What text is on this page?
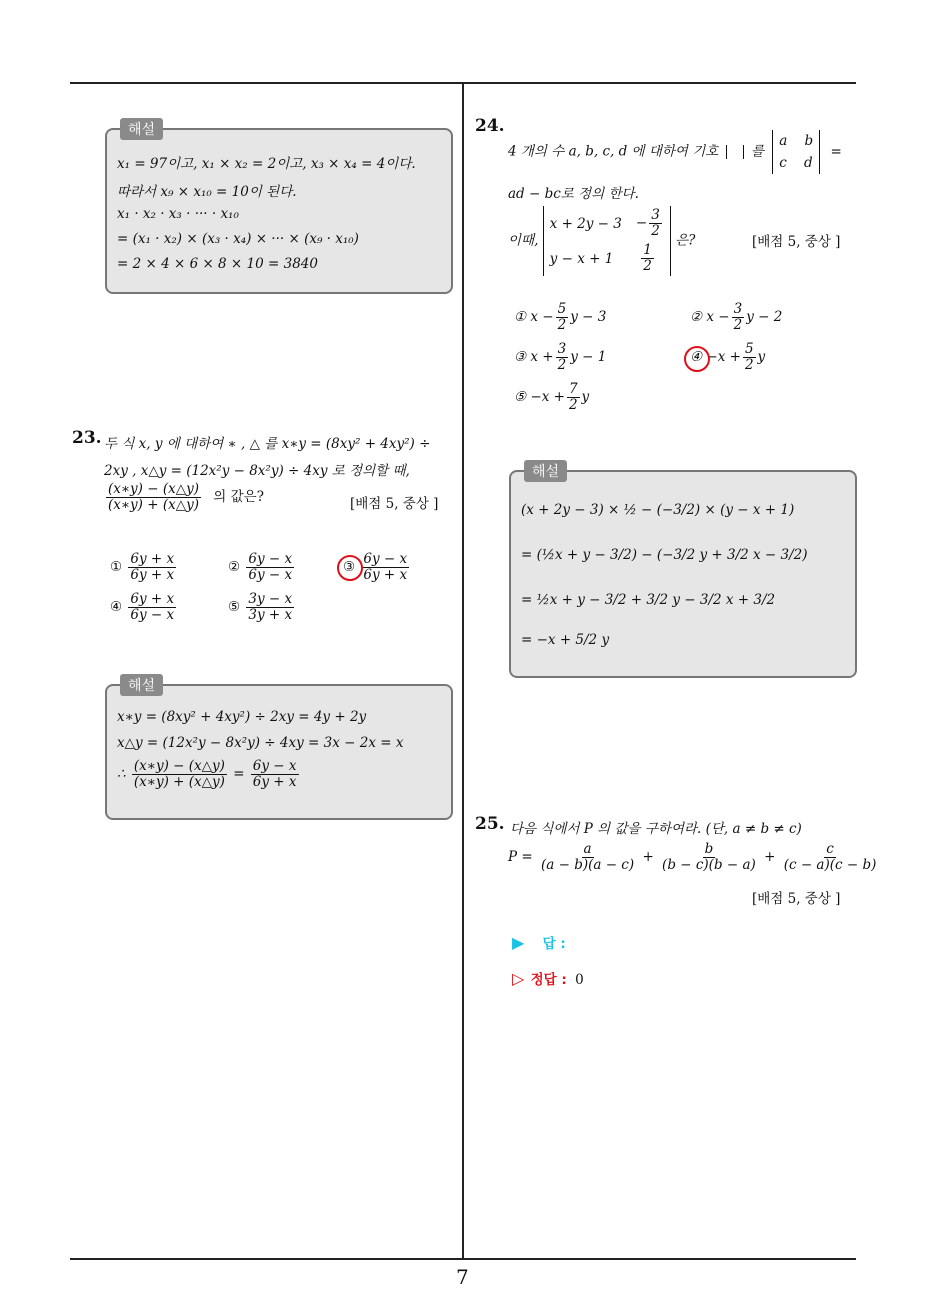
해설
x₁ = 97이고, x₁ × x₂ = 2이고, x₃ × x₄ = 4이다.
따라서 x₉ × x₁₀ = 10이 된다.
x₁ · x₂ · x₃ · ··· · x₁₀
= (x₁ · x₂) × (x₃ · x₄) × ··· × (x₉ · x₁₀)
= 2 × 4 × 6 × 8 × 10 = 3840
23. 두 식 x, y 에 대하여 ∗ , △ 를 x∗y = (8xy² + 4xy²) ÷
2xy , x△y = (12x²y − 8x²y) ÷ 4xy 로 정의할 때,
$\frac{(x∗y) - (x\triangle y)}{(x∗y) + (x\triangle y)}$ 의 값은?	[배점 5, 중상 ]
① $\frac{6y + x}{6y + x}$	② $\frac{6y - x}{6y - x}$	③ $\frac{6y - x}{6y + x}$
④ $\frac{6y + x}{6y - x}$	⑤ $\frac{3y - x}{3y + x}$
해설
x∗y = (8xy² + 4xy²) ÷ 2xy = 4y + 2y
x△y = (12x²y − 8x²y) ÷ 4xy = 3x − 2x = x
∴ $\frac{(x∗y) - (x\triangle y)}{(x∗y) + (x\triangle y)} = \frac{6y - x}{6y + x}$
24.
4 개의 수 a, b, c, d 에 대하여 기호 를 a b
c d =
ad − bc로 정의 한다.
이때,
$x + 2y - 3 - \frac{3}{2}$
$y - x + 1 \frac{1}{2}$
은?	[배점 5, 중상 ]
① $x - \frac{5}{2}$ y − 3	② $x - \frac{3}{2}$ y − 2
③ $x + \frac{3}{2}$ y − 1	④ $-x + \frac{5}{2}$ y
⑤ $-x + \frac{7}{2}$ y
해설
(x + 2y − 3) × ½ − (−3/2) × (y − x + 1)
= (½x + y − 3/2) − (−3/2 y + 3/2 x − 3/2)
= ½x + y − 3/2 + 3/2 y − 3/2 x + 3/2
= −x + 5/2 y
25. 다음 식에서 P 의 값을 구하여라. (단, a ≠ b ≠ c)
$P = \frac{a}{(a - b)(a - c)} + \frac{b}{(b - c)(b - a)} + \frac{c}{(c - a)(c - b)}$
[배점 5, 중상 ]
▶ 답 :
▷ 정답 : 0
7
